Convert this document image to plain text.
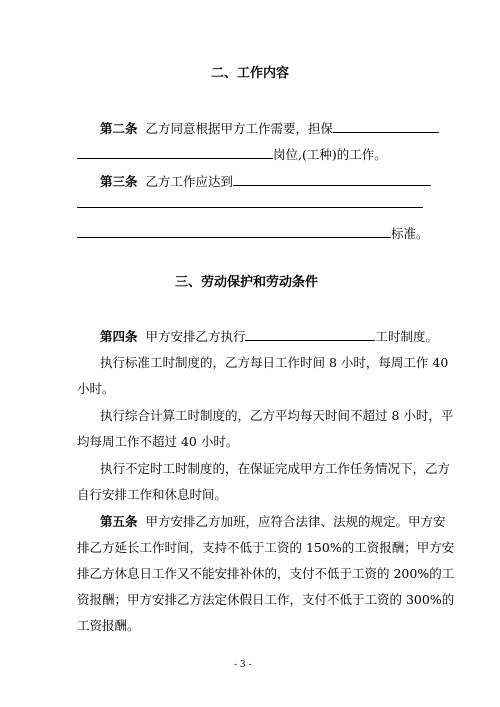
二、工作内容
第二条 乙方同意根据甲方工作需要，担保
岗位,(工种)的工作。
第三条 乙方工作应达到
标准。
三、劳动保护和劳动条件
第四条 甲方安排乙方执行	工时制度。
执行标准工时制度的，乙方每日工作时间 8 小时，每周工作 40
小时。
执行综合计算工时制度的，乙方平均每天时间不超过 8 小时，平
均每周工作不超过 40 小时。
执行不定时工时制度的，在保证完成甲方工作任务情况下，乙方
自行安排工作和休息时间。
第五条 甲方安排乙方加班，应符合法律、法规的规定。甲方安
排乙方延长工作时间，支持不低于工资的 150%的工资报酬；甲方安
排乙方休息日工作又不能安排补休的，支付不低于工资的 200%的工
资报酬；甲方安排乙方法定休假日工作，支付不低于工资的 300%的
工资报酬。
- 3 -
